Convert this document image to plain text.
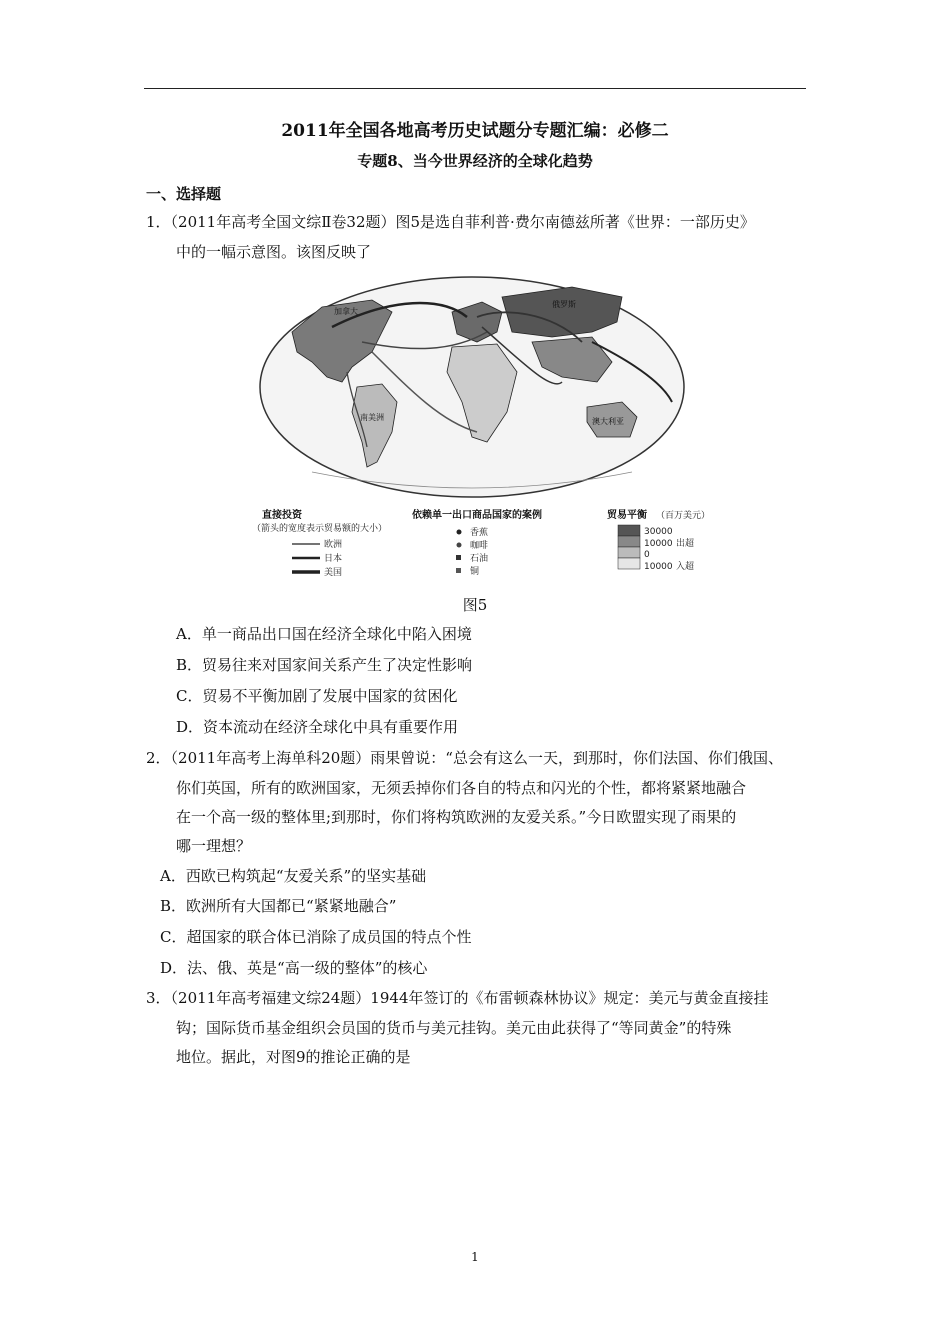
2011年全国各地高考历史试题分专题汇编：必修二
专题8、当今世界经济的全球化趋势
一、选择题
1．（2011年高考全国文综Ⅱ卷32题）图5是选自菲利普·费尔南德兹所著《世界：一部历史》
中的一幅示意图。该图反映了
加拿大
南美洲
俄罗斯
澳大利亚
直接投资
（箭头的宽度表示贸易额的大小）
欧洲
日本
美国
依赖单一出口商品国家的案例
香蕉
咖啡
石油
铜
贸易平衡 （百万美元）
30000
10000
0
10000
出超
入超
图5
A．单一商品出口国在经济全球化中陷入困境
B．贸易往来对国家间关系产生了决定性影响
C．贸易不平衡加剧了发展中国家的贫困化
D．资本流动在经济全球化中具有重要作用
2．（2011年高考上海单科20题）雨果曾说：“总会有这么一天，到那时，你们法国、你们俄国、
你们英国，所有的欧洲国家，无须丢掉你们各自的特点和闪光的个性，都将紧紧地融合
在一个高一级的整体里;到那时，你们将构筑欧洲的友爱关系。”今日欧盟实现了雨果的
哪一理想？
A．西欧已构筑起“友爱关系”的坚实基础
B．欧洲所有大国都已“紧紧地融合”
C．超国家的联合体已消除了成员国的特点个性
D．法、俄、英是“高一级的整体”的核心
3．（2011年高考福建文综24题）1944年签订的《布雷顿森林协议》规定：美元与黄金直接挂
钩；国际货币基金组织会员国的货币与美元挂钩。美元由此获得了“等同黄金”的特殊
地位。据此，对图9的推论正确的是
1
